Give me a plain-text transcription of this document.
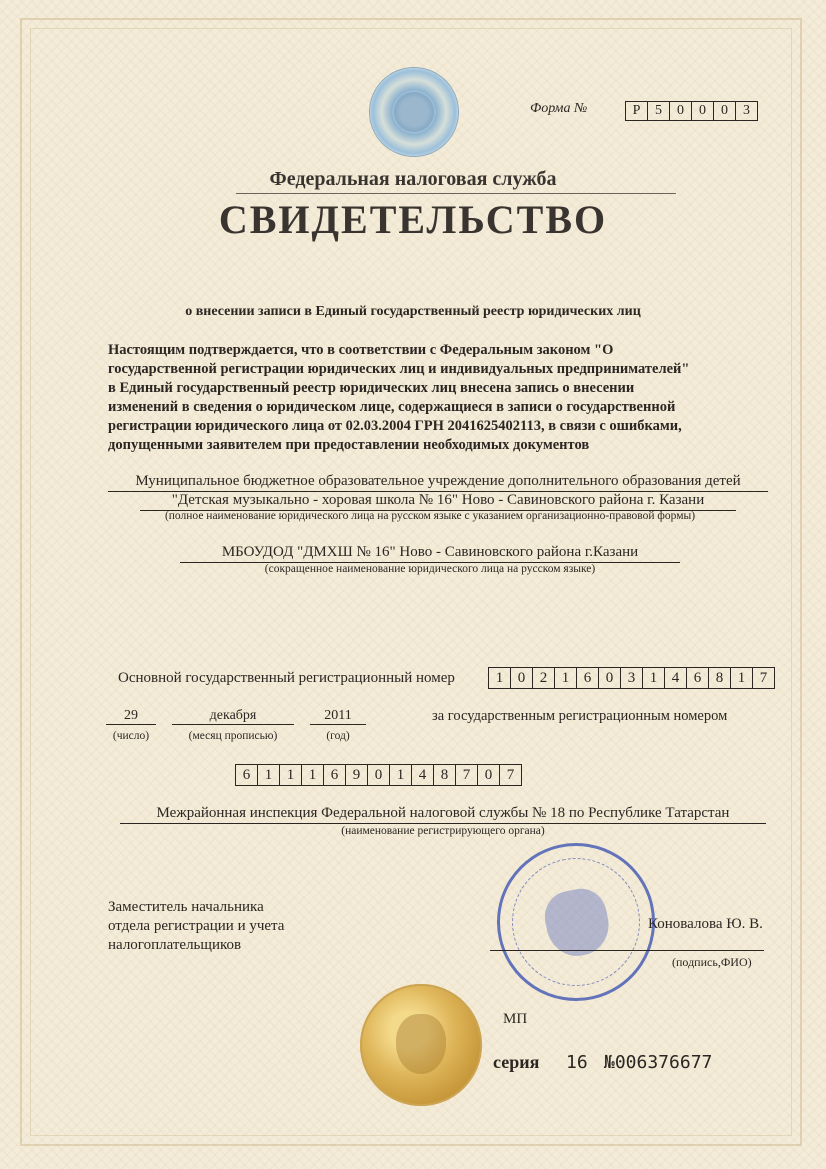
Форма №	Р	5	0	0	0	3
Федеральная налоговая служба
СВИДЕТЕЛЬСТВО
о внесении записи в Единый государственный реестр юридических лиц
Настоящим подтверждается, что в соответствии с Федеральным законом "О
государственной регистрации юридических лиц и индивидуальных предпринимателей"
в Единый государственный реестр юридических лиц внесена запись о внесении
изменений в сведения о юридическом лице, содержащиеся в записи о государственной
регистрации юридического лица от 02.03.2004 ГРН 2041625402113, в связи с ошибками,
допущенными заявителем при предоставлении необходимых документов
Муниципальное бюджетное образовательное учреждение дополнительного образования детей
"Детская музыкально - хоровая школа № 16" Ново - Савиновского района г. Казани
(полное наименование юридического лица на русском языке с указанием организационно-правовой формы)
МБОУДОД "ДМХШ № 16" Ново - Савиновского района г.Казани
(сокращенное наименование юридического лица на русском языке)
Основной государственный регистрационный номер	1 0 2 1 6 0 3 1 4 6 8 1 7
29	декабря	2011
(число)	(месяц прописью)	(год)
за государственным регистрационным номером
6 1 1 1 6 9 0 1 4 8 7 0 7
Межрайонная инспекция Федеральной налоговой службы № 18 по Республике Татарстан
(наименование регистрирующего органа)
Заместитель начальника
отдела регистрации и учета
налогоплательщиков
Коновалова Ю. В.
(подпись,ФИО)
МП
серия 16 №006376677
